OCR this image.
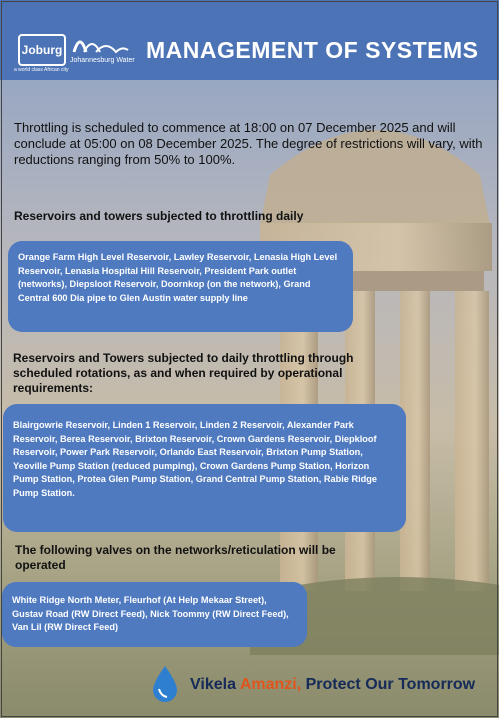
Joburg
a world class African city
Johannesburg Water MANAGEMENT OF SYSTEMS
Throttling is scheduled to commence at 18:00 on 07 December 2025 and will conclude at 05:00 on 08 December 2025. The degree of restrictions will vary, with reductions ranging from 50% to 100%.
Reservoirs and towers subjected to throttling daily
Orange Farm High Level Reservoir, Lawley Reservoir, Lenasia High Level Reservoir, Lenasia Hospital Hill Reservoir, President Park outlet (networks), Diepsloot Reservoir, Doornkop (on the network), Grand Central 600 Dia pipe to Glen Austin water supply line
Reservoirs and Towers subjected to daily throttling through scheduled rotations, as and when required by operational requirements:
Blairgowrie Reservoir, Linden 1 Reservoir, Linden 2 Reservoir, Alexander Park Reservoir, Berea Reservoir, Brixton Reservoir, Crown Gardens Reservoir, Diepkloof Reservoir, Power Park Reservoir, Orlando East Reservoir, Brixton Pump Station, Yeoville Pump Station (reduced pumping), Crown Gardens Pump Station, Horizon Pump Station, Protea Glen Pump Station, Grand Central Pump Station, Rabie Ridge Pump Station.
The following valves on the networks/reticulation will be operated
White Ridge North Meter, Fleurhof (At Help Mekaar Street), Gustav Road (RW Direct Feed), Nick Toommy (RW Direct Feed), Van Lil (RW Direct Feed)
Vikela Amanzi, Protect Our Tomorrow
